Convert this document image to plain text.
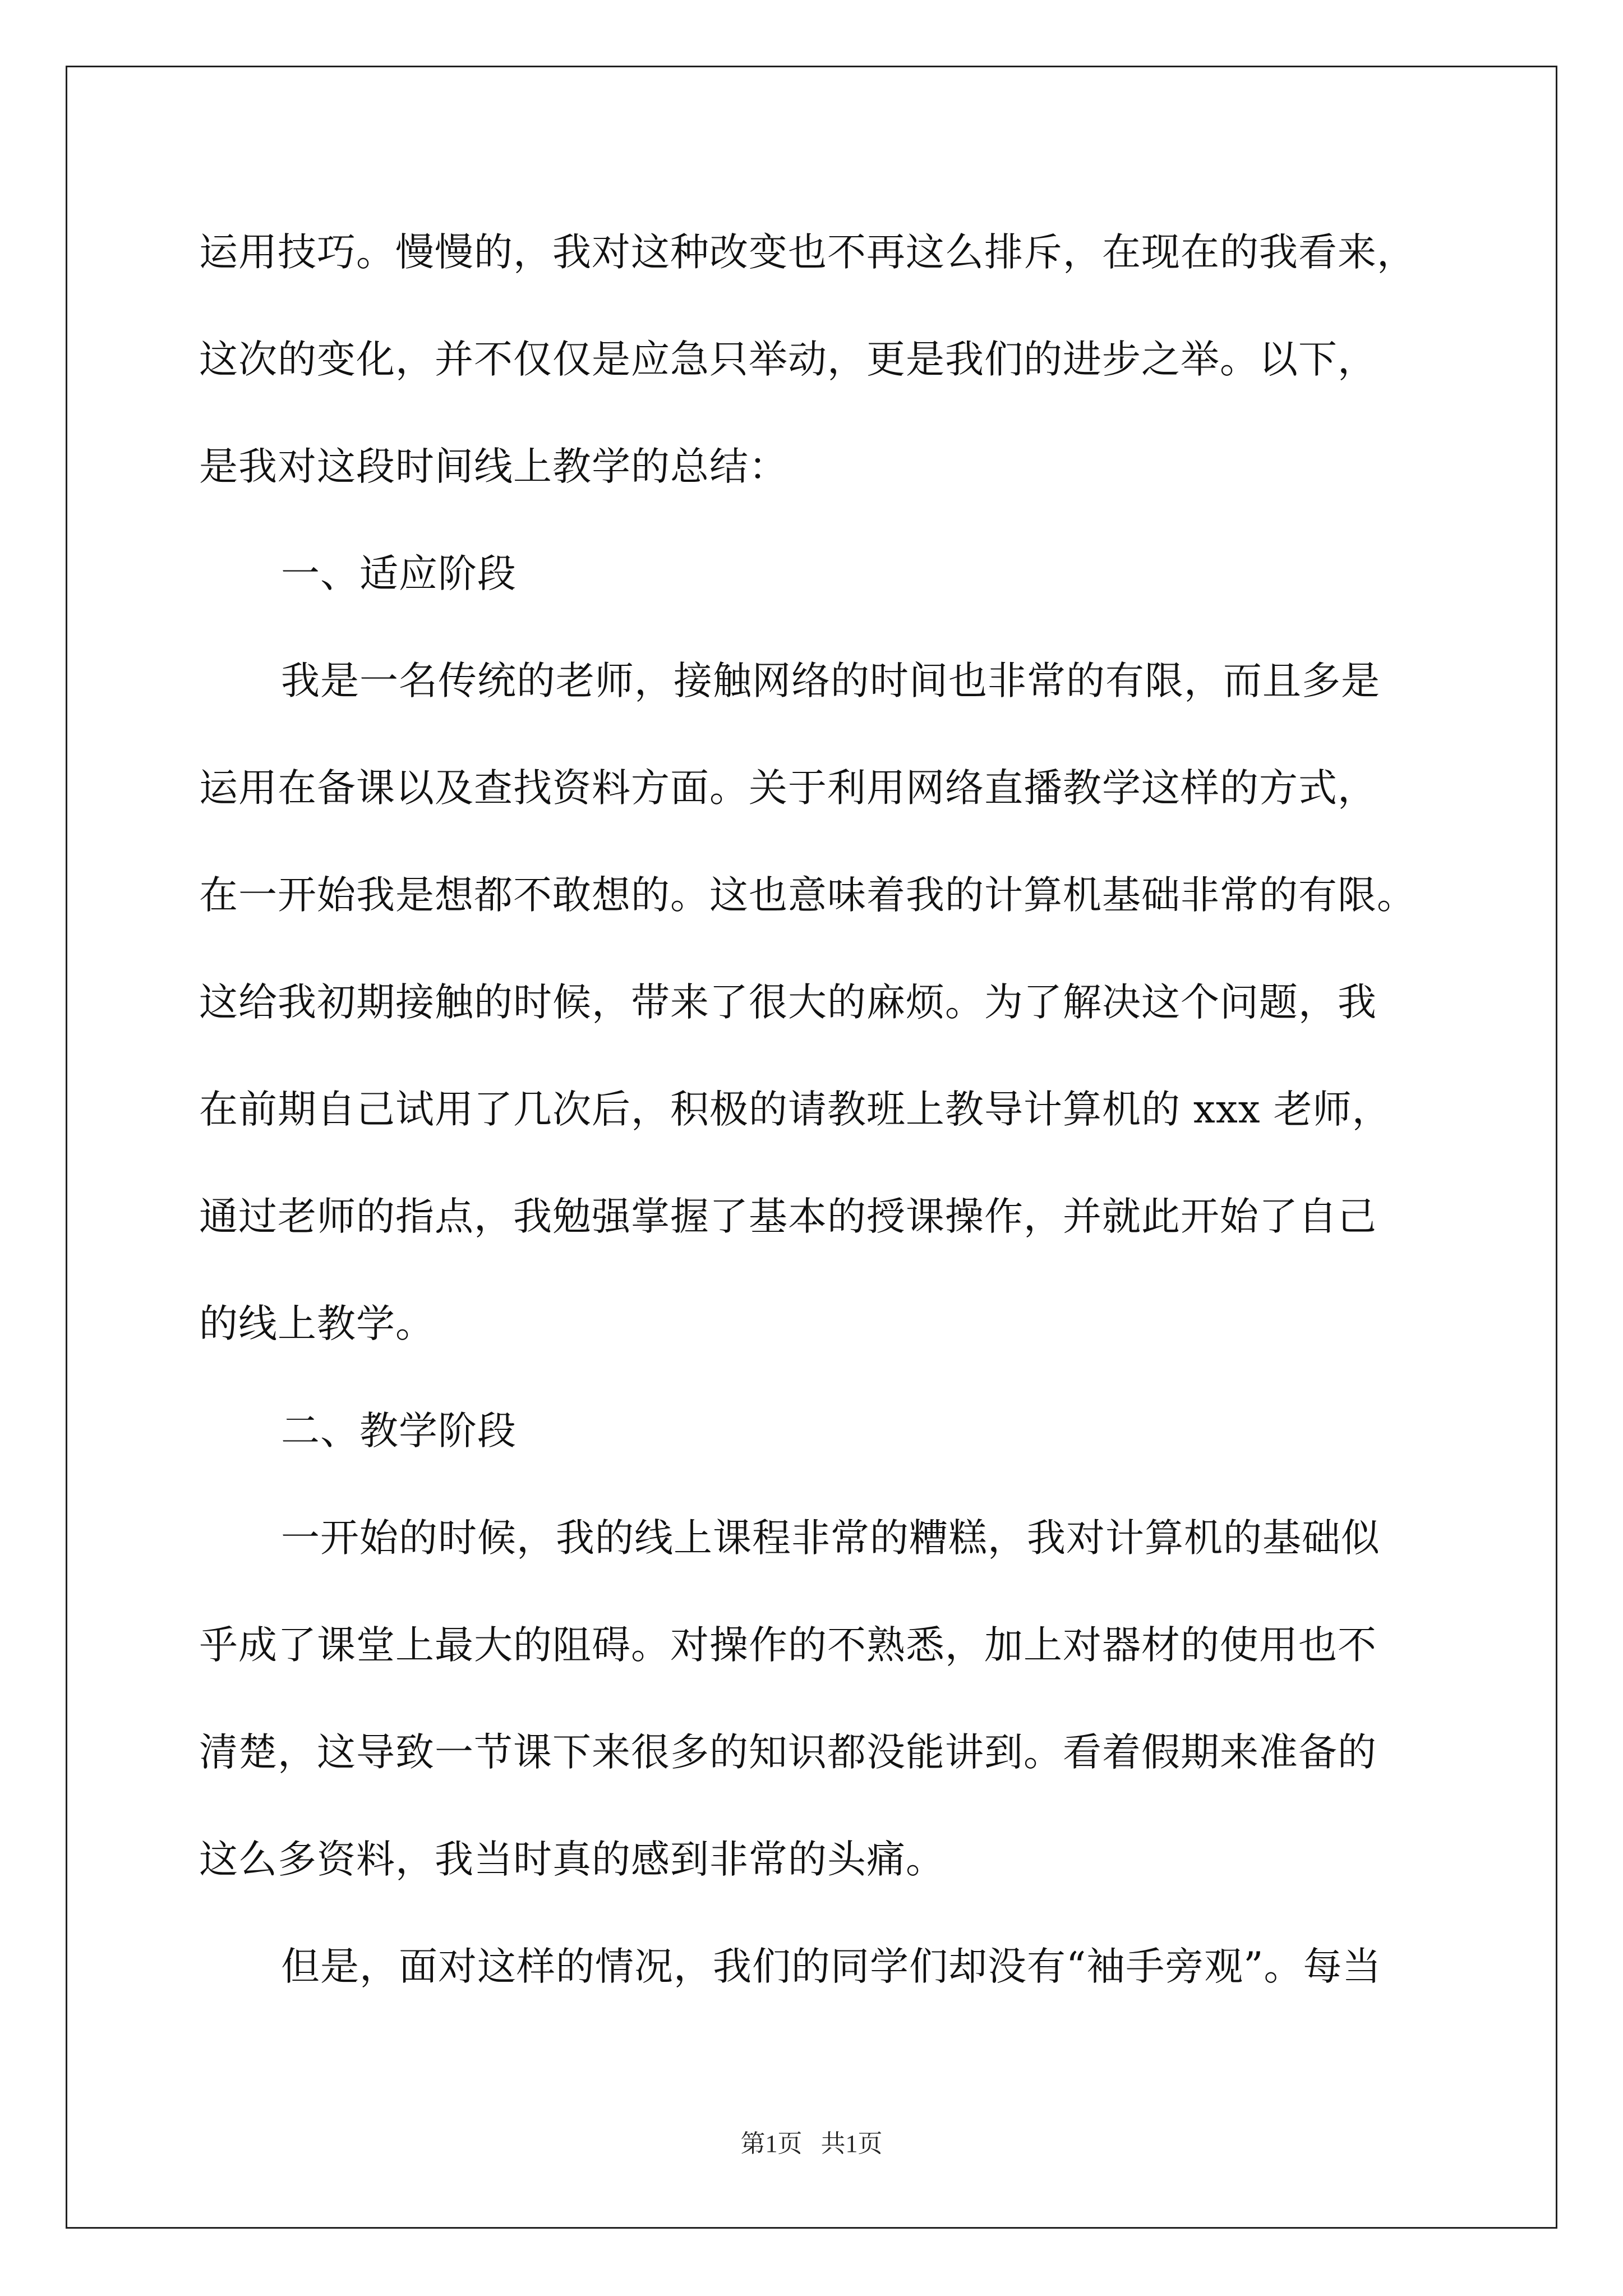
运用技巧。慢慢的，我对这种改变也不再这么排斥，在现在的我看来，
这次的变化，并不仅仅是应急只举动，更是我们的进步之举。以下，
是我对这段时间线上教学的总结：
一、适应阶段
我是一名传统的老师，接触网络的时间也非常的有限，而且多是
运用在备课以及查找资料方面。关于利用网络直播教学这样的方式，
在一开始我是想都不敢想的。这也意味着我的计算机基础非常的有限。
这给我初期接触的时候，带来了很大的麻烦。为了解决这个问题，我
在前期自己试用了几次后，积极的请教班上教导计算机的 xxx 老师，
通过老师的指点，我勉强掌握了基本的授课操作，并就此开始了自己
的线上教学。
二、教学阶段
一开始的时候，我的线上课程非常的糟糕，我对计算机的基础似
乎成了课堂上最大的阻碍。对操作的不熟悉，加上对器材的使用也不
清楚，这导致一节课下来很多的知识都没能讲到。看着假期来准备的
这么多资料，我当时真的感到非常的头痛。
但是，面对这样的情况，我们的同学们却没有“袖手旁观”。每当
第1页   共1页
